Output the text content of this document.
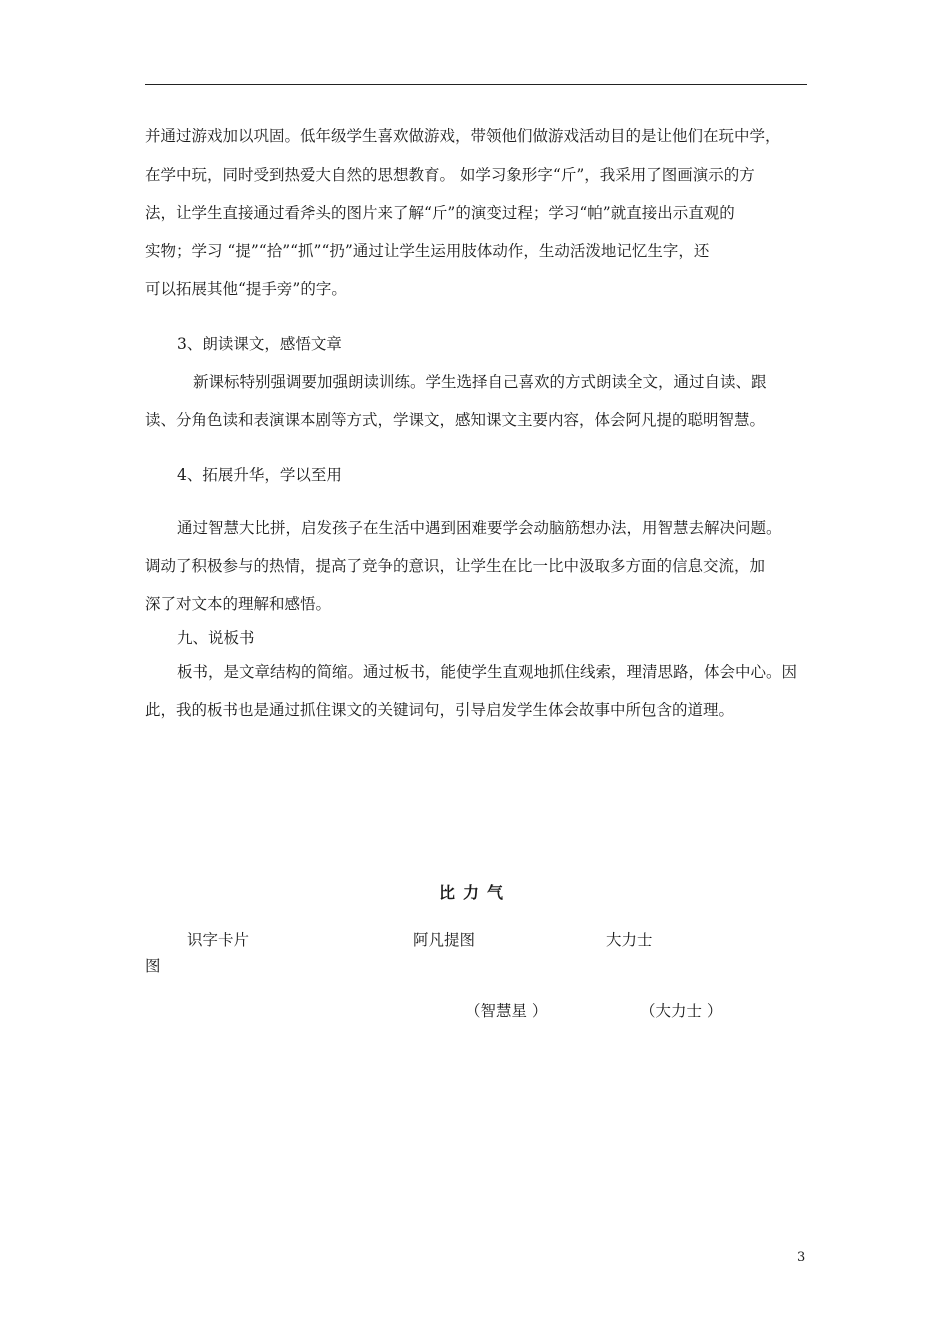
并通过游戏加以巩固。低年级学生喜欢做游戏，带领他们做游戏活动目的是让他们在玩中学，
在学中玩，同时受到热爱大自然的思想教育。 如学习象形字“斤”，我采用了图画演示的方
法，让学生直接通过看斧头的图片来了解“斤”的演变过程；学习“帕”就直接出示直观的
实物；学习 “提”“拾”“抓”“扔”通过让学生运用肢体动作，生动活泼地记忆生字，还
可以拓展其他“提手旁”的字。
3、朗读课文，感悟文章
新课标特别强调要加强朗读训练。学生选择自己喜欢的方式朗读全文，通过自读、跟
读、分角色读和表演课本剧等方式，学课文，感知课文主要内容，体会阿凡提的聪明智慧。
4、拓展升华，学以至用
通过智慧大比拼，启发孩子在生活中遇到困难要学会动脑筋想办法，用智慧去解决问题。
调动了积极参与的热情，提高了竞争的意识，让学生在比一比中汲取多方面的信息交流，加
深了对文本的理解和感悟。
九、说板书
板书，是文章结构的简缩。通过板书，能使学生直观地抓住线索，理清思路，体会中心。因
此，我的板书也是通过抓住课文的关键词句，引导启发学生体会故事中所包含的道理。
比力气
识字卡片	阿凡提图	大力士
图
（智慧星 ）	（大力士 ）
3
